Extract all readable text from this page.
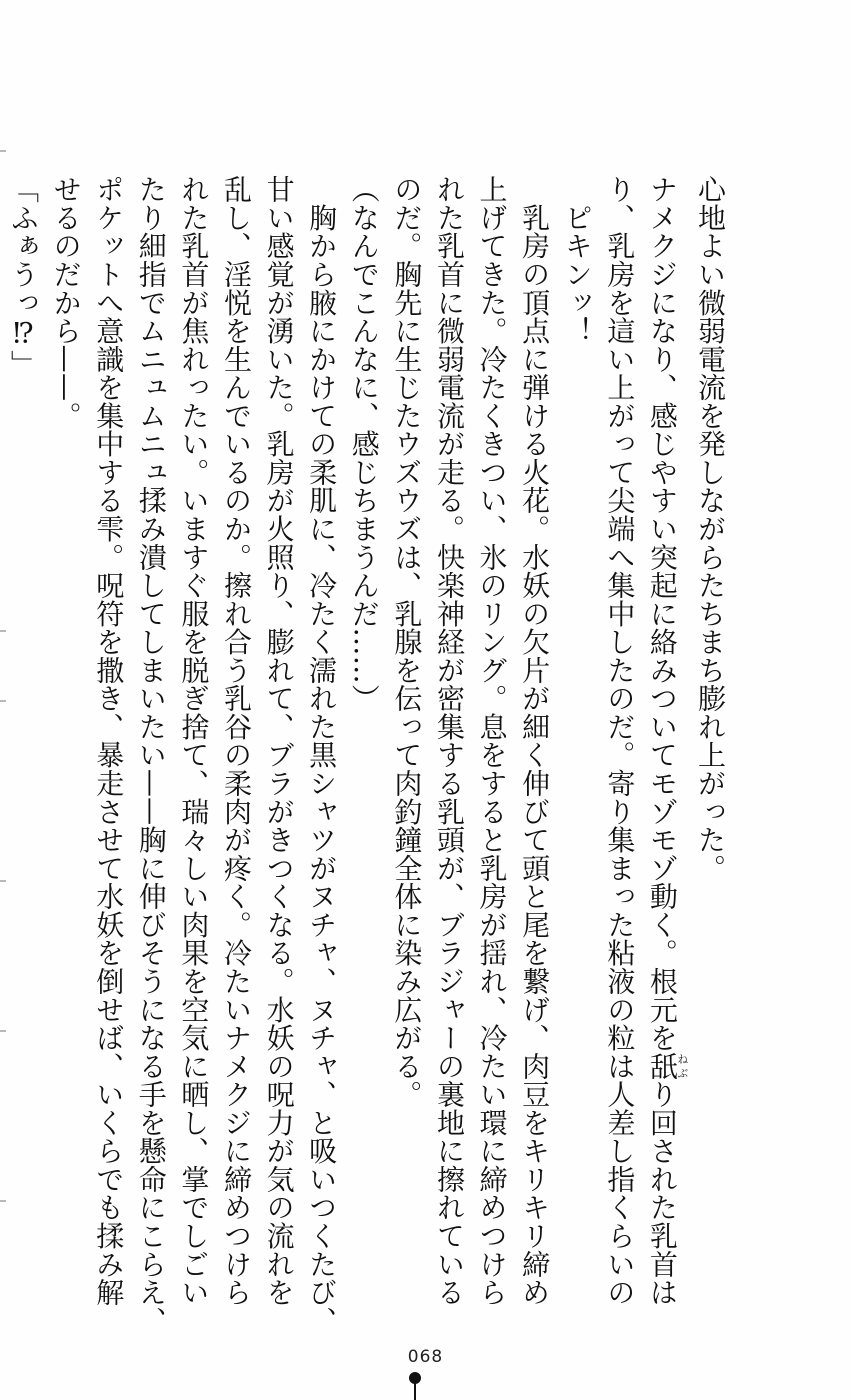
心地よい微弱電流を発しながらたちまち膨れ上がった。
ナメクジになり、感じやすい突起に絡みついてモゾモゾ動く。根元を舐ねぶり回された乳首は
り、乳房を這い上がって尖端へ集中したのだ。寄り集まった粘液の粒は人差し指くらいの
　ピキンッ！
　乳房の頂点に弾ける火花。水妖の欠片が細く伸びて頭と尾を繋げ、肉豆をキリキリ締め
上げてきた。冷たくきつい、氷のリング。息をすると乳房が揺れ、冷たい環に締めつけら
れた乳首に微弱電流が走る。快楽神経が密集する乳頭が、ブラジャーの裏地に擦れている
のだ。胸先に生じたウズウズは、乳腺を伝って肉釣鐘全体に染み広がる。
（なんでこんなに、感じちまうんだ……）
　胸から腋にかけての柔肌に、冷たく濡れた黒シャツがヌチャ、ヌチャ、と吸いつくたび、
甘い感覚が湧いた。乳房が火照り、膨れて、ブラがきつくなる。水妖の呪力が気の流れを
乱し、淫悦を生んでいるのか。擦れ合う乳谷の柔肉が疼く。冷たいナメクジに締めつけら
れた乳首が焦れったい。いますぐ服を脱ぎ捨て、瑞々しい肉果を空気に晒し、掌でしごい
たり細指でムニュムニュ揉み潰してしまいたい——胸に伸びそうになる手を懸命にこらえ、
ポケットへ意識を集中する雫。呪符を撒き、暴走させて水妖を倒せば、いくらでも揉み解
せるのだから——。
「ふぁうっ⁉」
068
